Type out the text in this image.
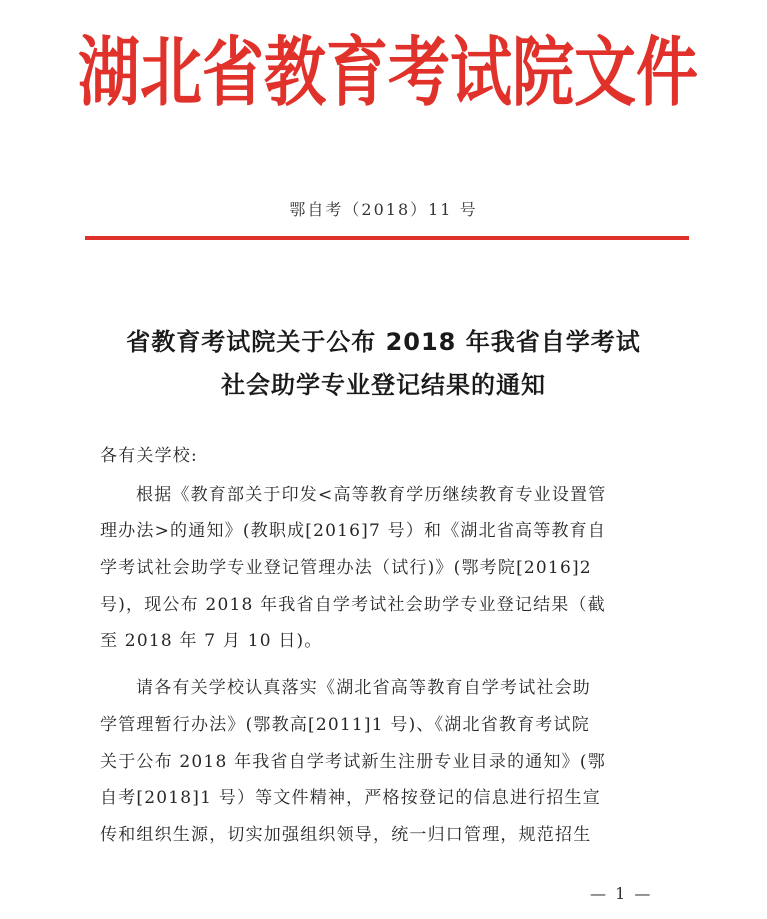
湖北省教育考试院文件
鄂自考（2018）11 号
省教育考试院关于公布 2018 年我省自学考试
社会助学专业登记结果的通知
各有关学校:
根据《教育部关于印发<高等教育学历继续教育专业设置管
理办法>的通知》(教职成[2016]7 号）和《湖北省高等教育自
学考试社会助学专业登记管理办法（试行)》(鄂考院[2016]2
号)，现公布 2018 年我省自学考试社会助学专业登记结果（截
至 2018 年 7 月 10 日)。
请各有关学校认真落实《湖北省高等教育自学考试社会助
学管理暂行办法》(鄂教高[2011]1 号)、《湖北省教育考试院
关于公布 2018 年我省自学考试新生注册专业目录的通知》(鄂
自考[2018]1 号）等文件精神，严格按登记的信息进行招生宣
传和组织生源，切实加强组织领导，统一归口管理，规范招生
— 1 —
